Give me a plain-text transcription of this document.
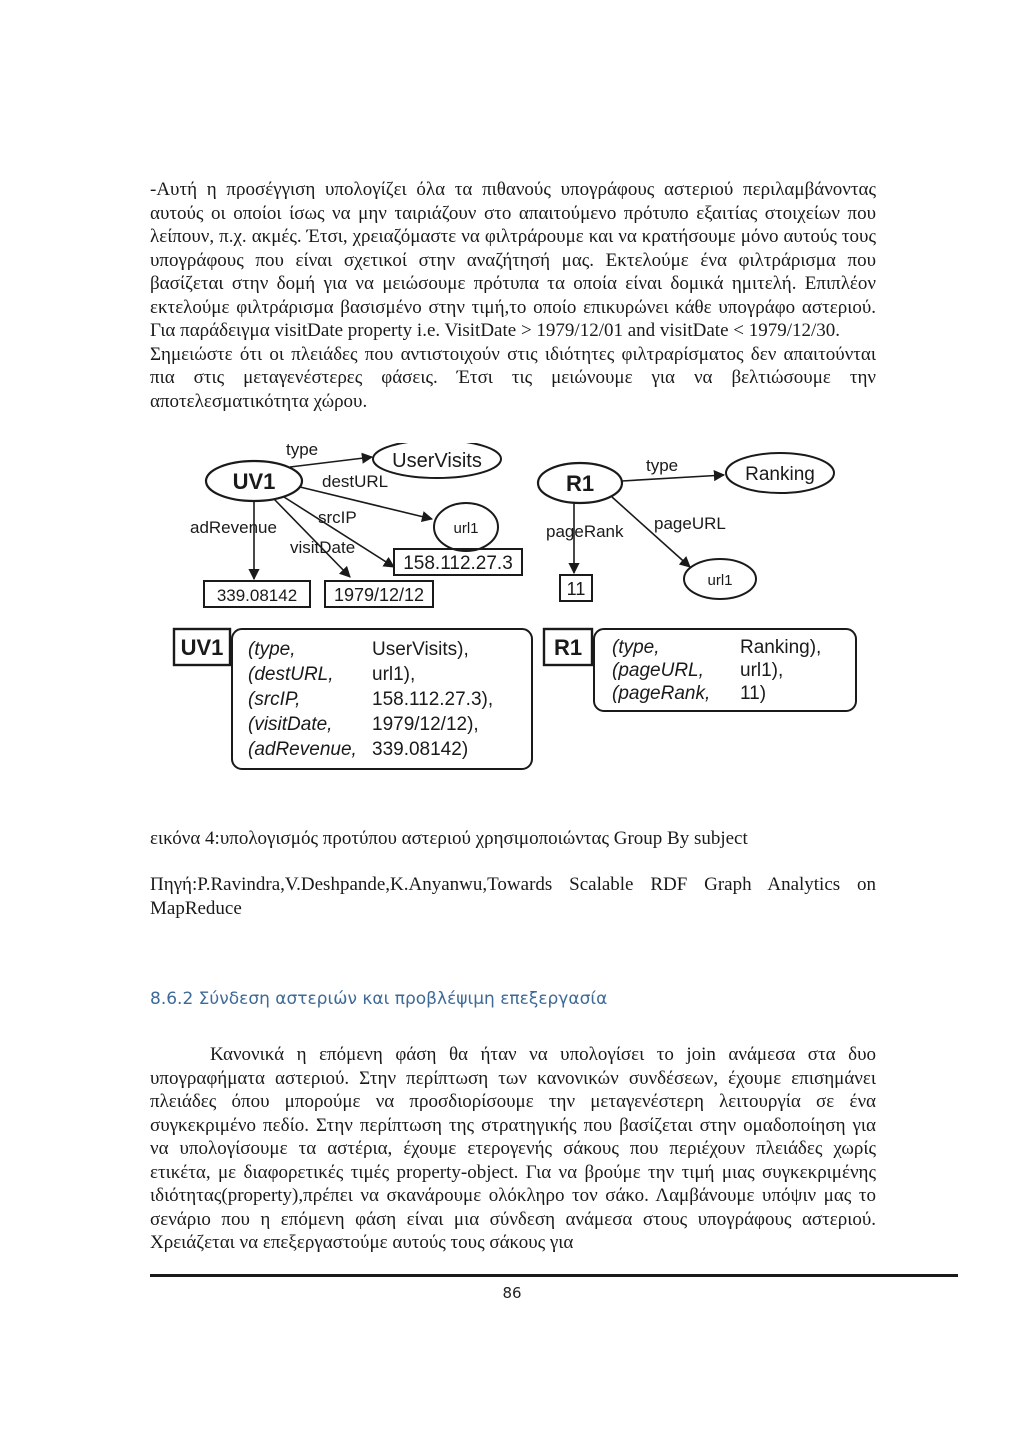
-Αυτή η προσέγγιση υπολογίζει όλα τα πιθανούς υπογράφους αστεριού περιλαμβάνοντας αυτούς οι οποίοι ίσως να μην ταιριάζουν στο απαιτούμενο πρότυπο εξαιτίας στοιχείων που λείπουν, π.χ. ακμές. Έτσι, χρειαζόμαστε να φιλτράρουμε και να κρατήσουμε μόνο αυτούς τους υπογράφους που είναι σχετικοί στην αναζήτησή μας. Εκτελούμε ένα φιλτράρισμα που βασίζεται στην δομή για να μειώσουμε πρότυπα τα οποία είναι δομικά ημιτελή. Επιπλέον εκτελούμε φιλτράρισμα βασισμένο στην τιμή,το οποίο επικυρώνει κάθε υπογράφο αστεριού. Για παράδειγμα visitDate property i.e. VisitDate > 1979/12/01 and visitDate < 1979/12/30.

Σημειώστε ότι οι πλειάδες που αντιστοιχούν στις ιδιότητες φιλτραρίσματος δεν απαιτούνται πια στις μεταγενέστερες φάσεις. Έτσι τις μειώνουμε για να βελτιώσουμε την αποτελεσματικότητα χώρου.

UV1
UserVisits
url1
type
destURL
srcIP
visitDate
adRevenue
158.112.27.3
339.08142 1979/12/12
R1	Ranking
url1
type
pageRank pageURL
11
UV1 (type,	UserVisits),
(destURL, url1),
(srcIP,	158.112.27.3),
(visitDate, 1979/12/12),
(adRevenue, 339.08142)
R1 (type,	Ranking),
(pageURL, url1),
(pageRank, 11)

εικόνα 4:υπολογισμός προτύπου αστεριού χρησιμοποιώντας Group By subject

Πηγή:P.Ravindra,V.Deshpande,K.Anyanwu,Towards Scalable RDF Graph Analytics on MapReduce

8.6.2 Σύνδεση αστεριών και προβλέψιμη επεξεργασία

Κανονικά η επόμενη φάση θα ήταν να υπολογίσει το join ανάμεσα στα δυο υπογραφήματα αστεριού. Στην περίπτωση των κανονικών συνδέσεων, έχουμε επισημάνει πλειάδες όπου μπορούμε να προσδιορίσουμε την μεταγενέστερη λειτουργία σε ένα συγκεκριμένο πεδίο. Στην περίπτωση της στρατηγικής που βασίζεται στην ομαδοποίηση για να υπολογίσουμε τα αστέρια, έχουμε ετερογενής σάκους που περιέχουν πλειάδες χωρίς ετικέτα, με διαφορετικές τιμές property-object. Για να βρούμε την τιμή μιας συγκεκριμένης ιδιότητας(property),πρέπει να σκανάρουμε ολόκληρο τον σάκο. Λαμβάνουμε υπόψιν μας το σενάριο που η επόμενη φάση είναι μια σύνδεση ανάμεσα στους υπογράφους αστεριού. Χρειάζεται να επεξεργαστούμε αυτούς τους σάκους για

86
